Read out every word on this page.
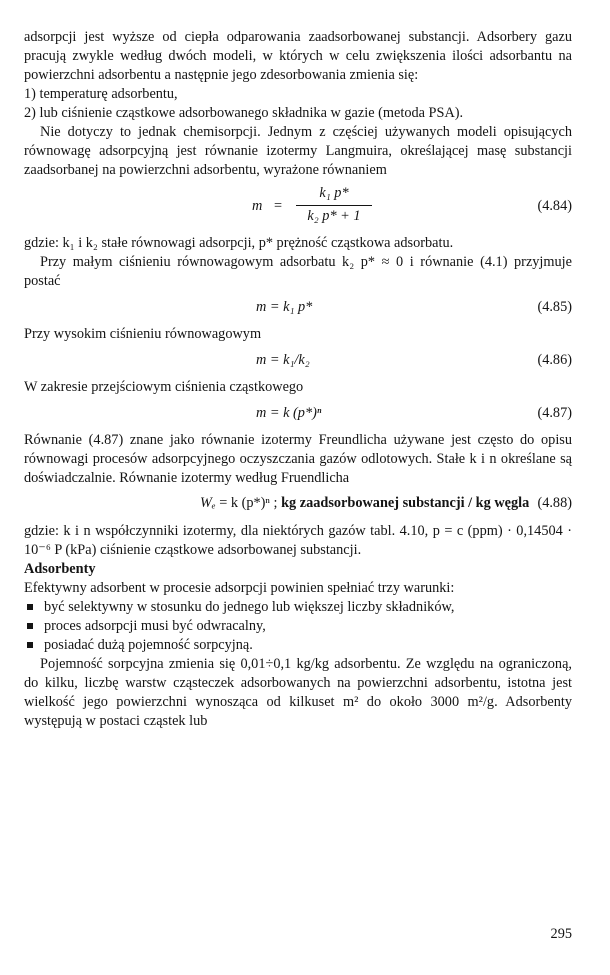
adsorpcji jest wyższe od ciepła odparowania zaadsorbowanej substancji. Adsorbery gazu pracują zwykle według dwóch modeli, w których w celu zwiększenia ilości adsorbantu na powierzchni adsorbentu a następnie jego zdesorbowania zmienia się:

1) temperaturę adsorbentu,

2) lub ciśnienie cząstkowe adsorbowanego składnika w gazie (metoda PSA).

Nie dotyczy to jednak chemisorpcji. Jednym z częściej używanych modeli opisujących równowagę adsorpcyjną jest równanie izotermy Langmuira, określającej masę substancji zaadsorbanej na powierzchni adsorbentu, wyrażone równaniem

m =
k₁ p*
k₂ p* + 1
(4.84)

gdzie: k₁ i k₂ stałe równowagi adsorpcji, p* prężność cząstkowa adsorbatu.

Przy małym ciśnieniu równowagowym adsorbatu k₂ p* ≈ 0 i równanie (4.1) przyjmuje postać

m = k₁ p*	(4.85)

Przy wysokim ciśnieniu równowagowym

m = k₁/k₂	(4.86)

W zakresie przejściowym ciśnienia cząstkowego

m = k (p*)ⁿ	(4.87)

Równanie (4.87) znane jako równanie izotermy Freundlicha używane jest często do opisu równowagi procesów adsorpcyjnego oczyszczania gazów odlotowych. Stałe k i n określane są doświadczalnie. Równanie izotermy według Fruendlicha

Wₑ = k (p*)ⁿ ; kg zaadsorbowanej substancji / kg węgla (4.88)

gdzie: k i n współczynniki izotermy, dla niektórych gazów tabl. 4.10, p = c (ppm) · 0,14504 · 10⁻⁶ P (kPa) ciśnienie cząstkowe adsorbowanej substancji.

Adsorbenty

Efektywny adsorbent w procesie adsorpcji powinien spełniać trzy warunki:

być selektywny w stosunku do jednego lub większej liczby składników,
proces adsorpcji musi być odwracalny,
posiadać dużą pojemność sorpcyjną.

Pojemność sorpcyjna zmienia się 0,01÷0,1 kg/kg adsorbentu. Ze względu na ograniczoną, do kilku, liczbę warstw cząsteczek adsorbowanych na powierzchni adsorbentu, istotna jest wielkość jego powierzchni wynosząca od kilkuset m² do około 3000 m²/g. Adsorbenty występują w postaci cząstek lub

295
